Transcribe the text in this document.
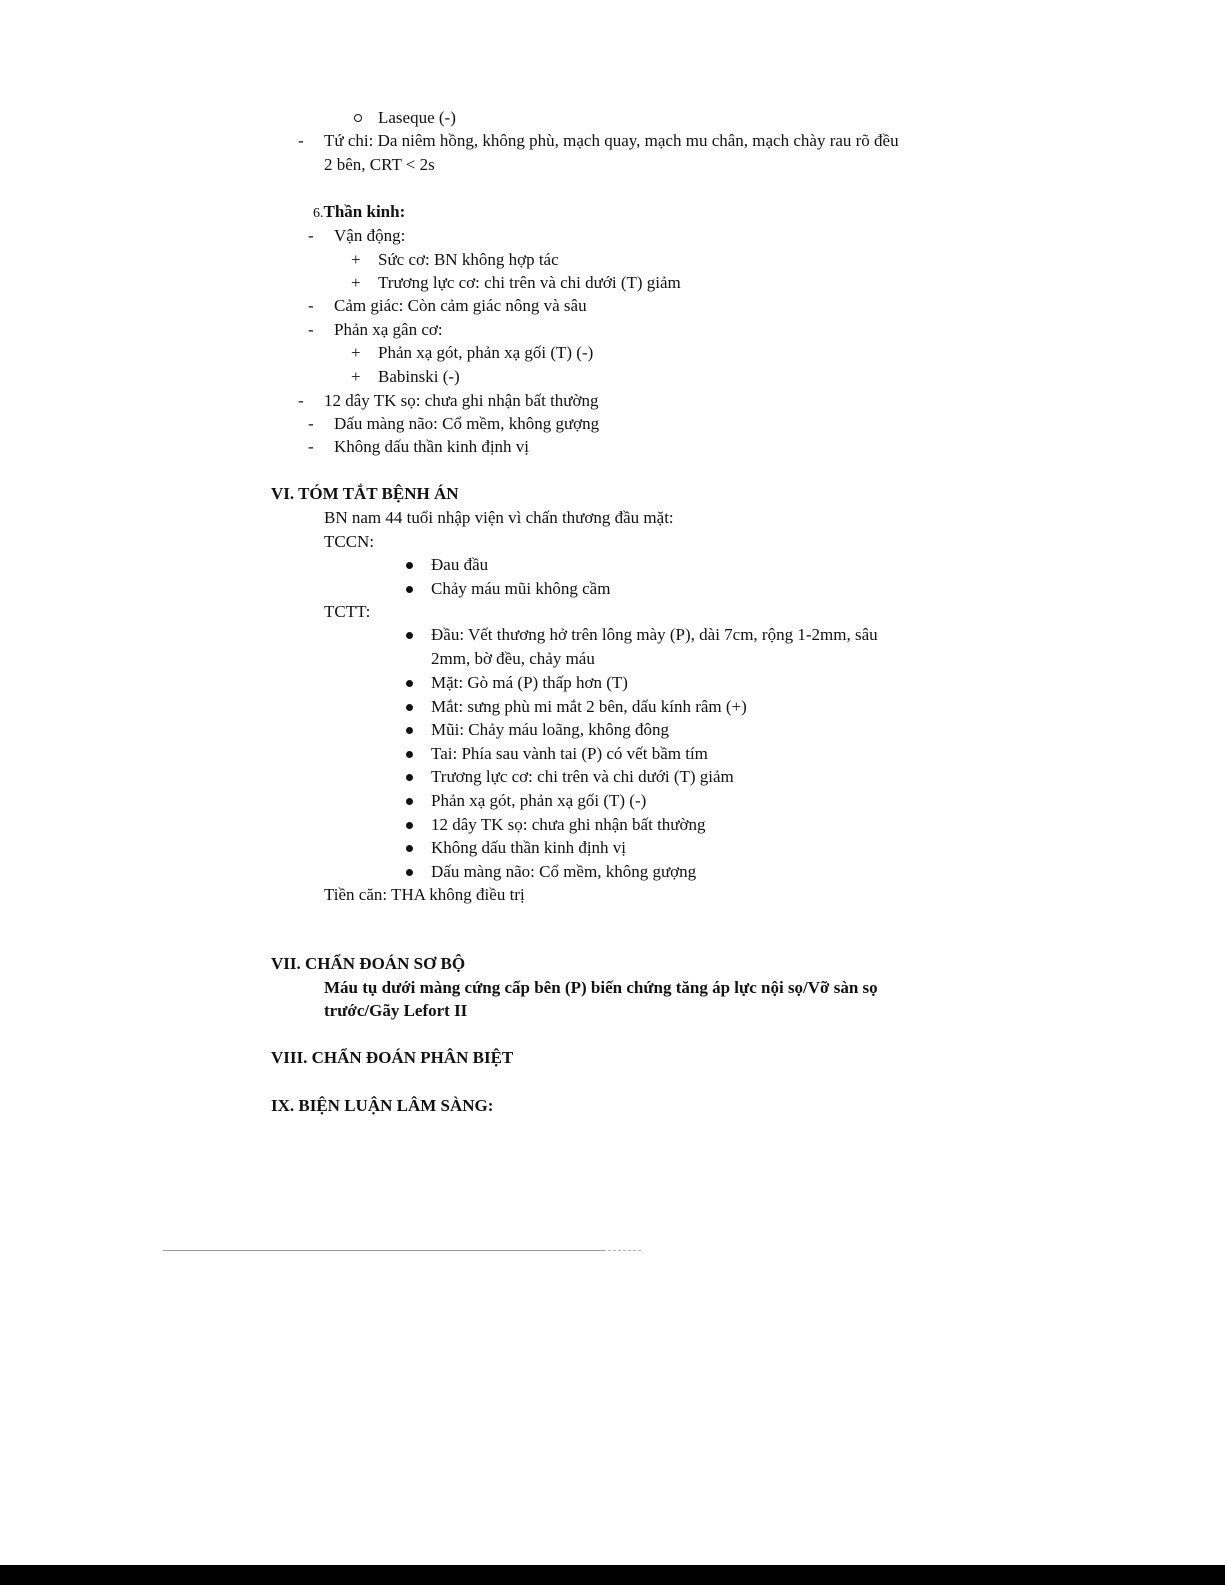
Laseque (-)
- Tứ chi: Da niêm hồng, không phù, mạch quay, mạch mu chân, mạch chày rau rõ đều
2 bên, CRT < 2s
6.Thần kinh:
- Vận động:
+ Sức cơ: BN không hợp tác
+ Trương lực cơ: chi trên và chi dưới (T) giảm
- Cảm giác: Còn cảm giác nông và sâu
- Phản xạ gân cơ:
+ Phản xạ gót, phản xạ gối (T) (-)
+ Babinski (-)
- 12 dây TK sọ: chưa ghi nhận bất thường
- Dấu màng não: Cổ mềm, không gượng
- Không dấu thần kinh định vị
VI. TÓM TẮT BỆNH ÁN
BN nam 44 tuổi nhập viện vì chấn thương đầu mặt:
TCCN:
Đau đầu
Chảy máu mũi không cầm
TCTT:
Đầu: Vết thương hở trên lông mày (P), dài 7cm, rộng 1-2mm, sâu
2mm, bờ đều, chảy máu
Mặt: Gò má (P) thấp hơn (T)
Mắt: sưng phù mi mắt 2 bên, dấu kính râm (+)
Mũi: Chảy máu loãng, không đông
Tai: Phía sau vành tai (P) có vết bầm tím
Trương lực cơ: chi trên và chi dưới (T) giảm
Phản xạ gót, phản xạ gối (T) (-)
12 dây TK sọ: chưa ghi nhận bất thường
Không dấu thần kinh định vị
Dấu màng não: Cổ mềm, không gượng
Tiền căn: THA không điều trị
VII. CHẨN ĐOÁN SƠ BỘ
Máu tụ dưới màng cứng cấp bên (P) biến chứng tăng áp lực nội sọ/Vỡ sàn sọ
trước/Gãy Lefort II
VIII. CHẨN ĐOÁN PHÂN BIỆT
IX. BIỆN LUẬN LÂM SÀNG:
